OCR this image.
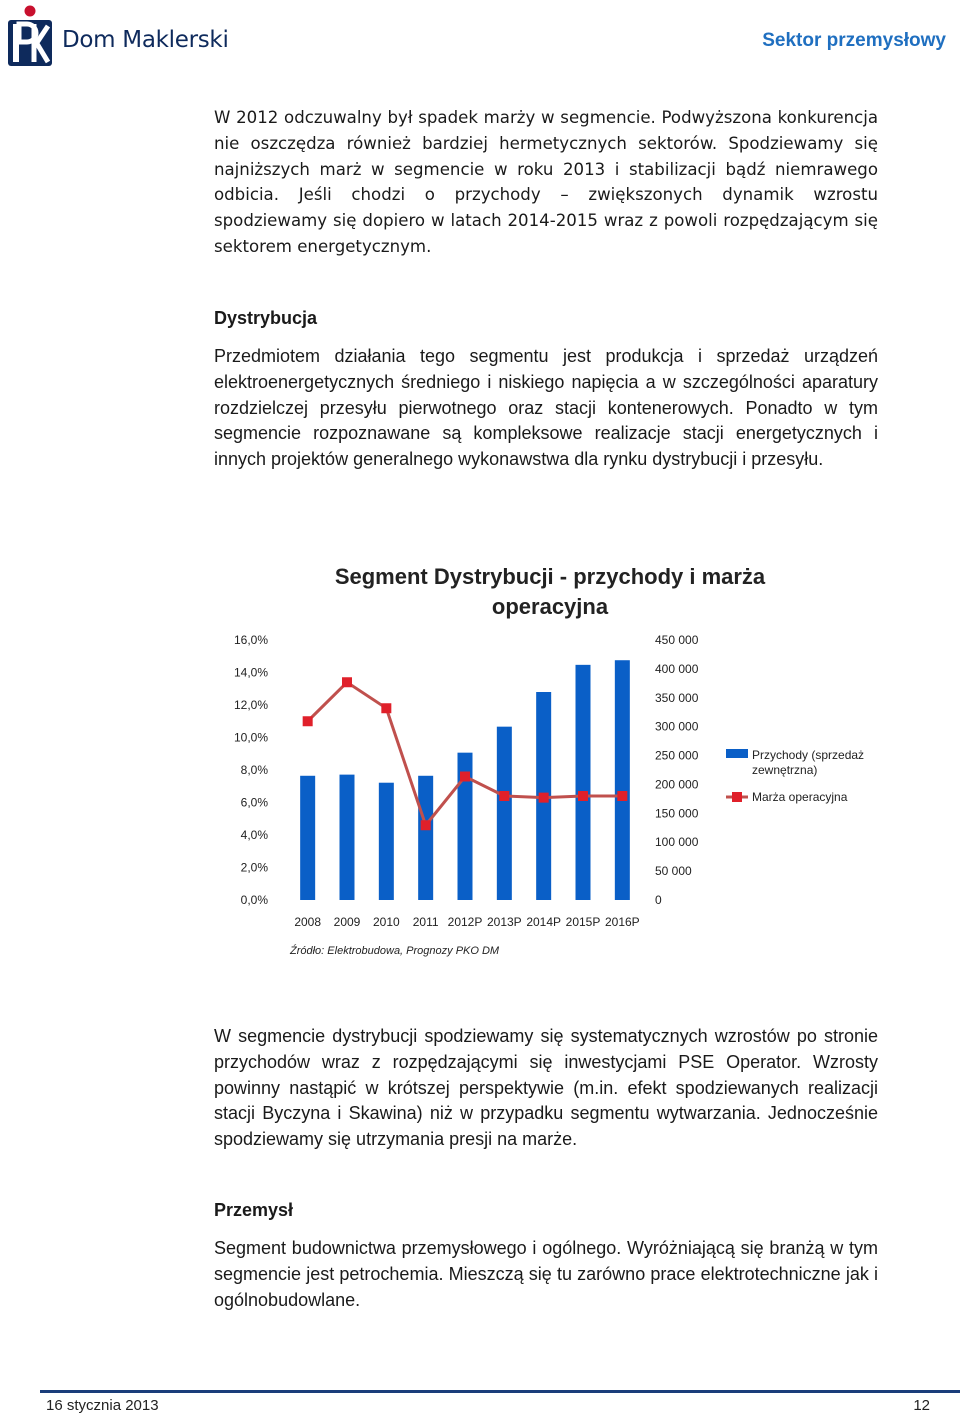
Dom Maklerski	Sektor przemysłowy

W 2012 odczuwalny był spadek marży w segmencie. Podwyższona konkurencja nie oszczędza również bardziej hermetycznych sektorów. Spodziewamy się najniższych marż w segmencie w roku 2013 i stabilizacji bądź niemrawego odbicia. Jeśli chodzi o przychody – zwiększonych dynamik wzrostu spodziewamy się dopiero w latach 2014-2015 wraz z powoli rozpędzającym się sektorem energetycznym.

Dystrybucja

Przedmiotem działania tego segmentu jest produkcja i sprzedaż urządzeń elektroenergetycznych średniego i niskiego napięcia a w szczególności aparatury rozdzielczej przesyłu pierwotnego oraz stacji kontenerowych. Ponadto w tym segmencie rozpoznawane są kompleksowe realizacje stacji energetycznych i innych projektów generalnego wykonawstwa dla rynku dystrybucji i przesyłu.

Segment Dystrybucji - przychody i marża operacyjna
0,0%
2,0%
4,0%
6,0%
8,0%
10,0%
12,0%
14,0%
16,0%
0
50 000
100 000
150 000
200 000
250 000
300 000
350 000
400 000
450 000
2008 2009 2010 2011 2012P 2013P 2014P 2015P 2016P
Przychody (sprzedaż zewnętrzna)
Marża operacyjna
Źródło: Elektrobudowa, Prognozy PKO DM

W segmencie dystrybucji spodziewamy się systematycznych wzrostów po stronie przychodów wraz z rozpędzającymi się inwestycjami PSE Operator. Wzrosty powinny nastąpić w krótszej perspektywie (m.in. efekt spodziewanych realizacji stacji Byczyna i Skawina) niż w przypadku segmentu wytwarzania. Jednocześnie spodziewamy się utrzymania presji na marże.

Przemysł

Segment budownictwa przemysłowego i ogólnego. Wyróżniającą się branżą w tym segmencie jest petrochemia. Mieszczą się tu zarówno prace elektrotechniczne jak i ogólnobudowlane.

16 stycznia 2013	12
